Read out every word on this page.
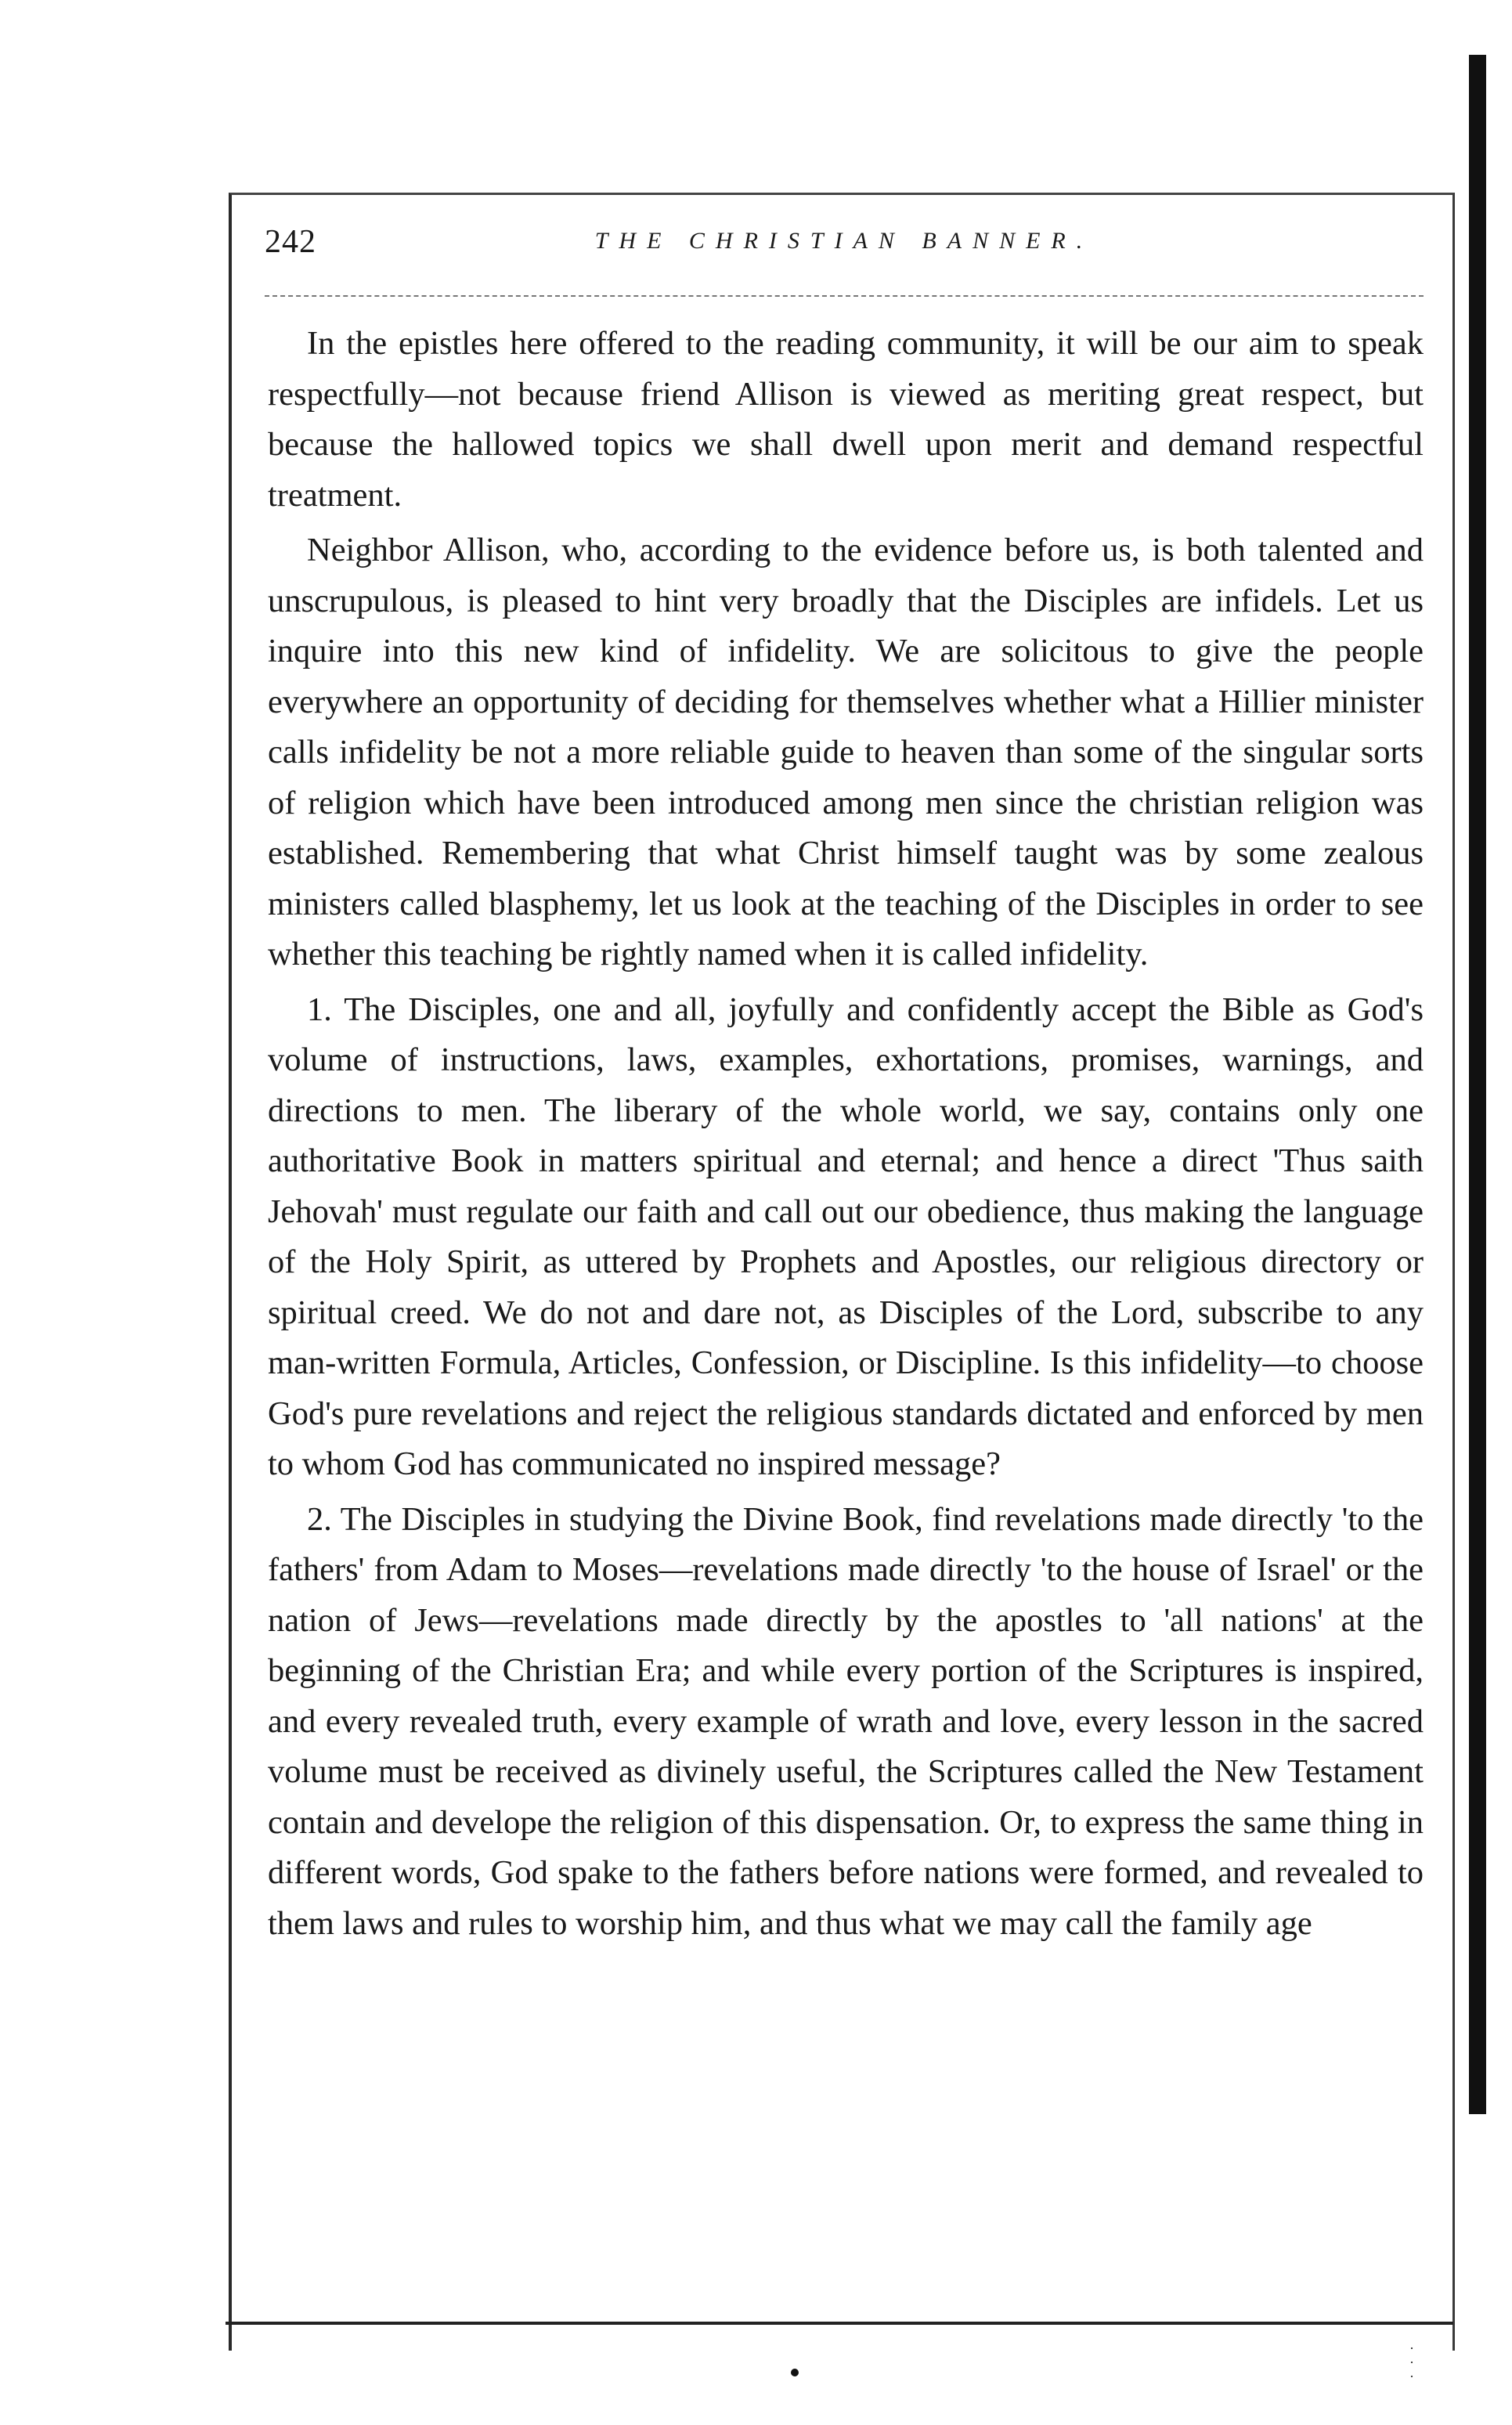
242	THE CHRISTIAN BANNER.

In the epistles here offered to the reading community, it will be our aim to speak respectfully—not because friend Allison is viewed as meriting great respect, but because the hallowed topics we shall dwell upon merit and demand respectful treatment.

Neighbor Allison, who, according to the evidence before us, is both talented and unscrupulous, is pleased to hint very broadly that the Disciples are infidels. Let us inquire into this new kind of infidelity. We are solicitous to give the people everywhere an opportunity of deciding for themselves whether what a Hillier minister calls infidelity be not a more reliable guide to heaven than some of the singular sorts of religion which have been introduced among men since the christian religion was established. Remembering that what Christ himself taught was by some zealous ministers called blasphemy, let us look at the teaching of the Disciples in order to see whether this teaching be rightly named when it is called infidelity.

1. The Disciples, one and all, joyfully and confidently accept the Bible as God's volume of instructions, laws, examples, exhortations, promises, warnings, and directions to men. The liberary of the whole world, we say, contains only one authoritative Book in matters spiritual and eternal; and hence a direct 'Thus saith Jehovah' must regulate our faith and call out our obedience, thus making the language of the Holy Spirit, as uttered by Prophets and Apostles, our religious directory or spiritual creed. We do not and dare not, as Disciples of the Lord, subscribe to any man-written Formula, Articles, Confession, or Discipline. Is this infidelity—to choose God's pure revelations and reject the religious standards dictated and enforced by men to whom God has communicated no inspired message?

2. The Disciples in studying the Divine Book, find revelations made directly 'to the fathers' from Adam to Moses—revelations made directly 'to the house of Israel' or the nation of Jews—revelations made directly by the apostles to 'all nations' at the beginning of the Christian Era; and while every portion of the Scriptures is inspired, and every revealed truth, every example of wrath and love, every lesson in the sacred volume must be received as divinely useful, the Scriptures called the New Testament contain and develope the religion of this dispensation. Or, to express the same thing in different words, God spake to the fathers before nations were formed, and revealed to them laws and rules to worship him, and thus what we may call the family age

·
·
·
